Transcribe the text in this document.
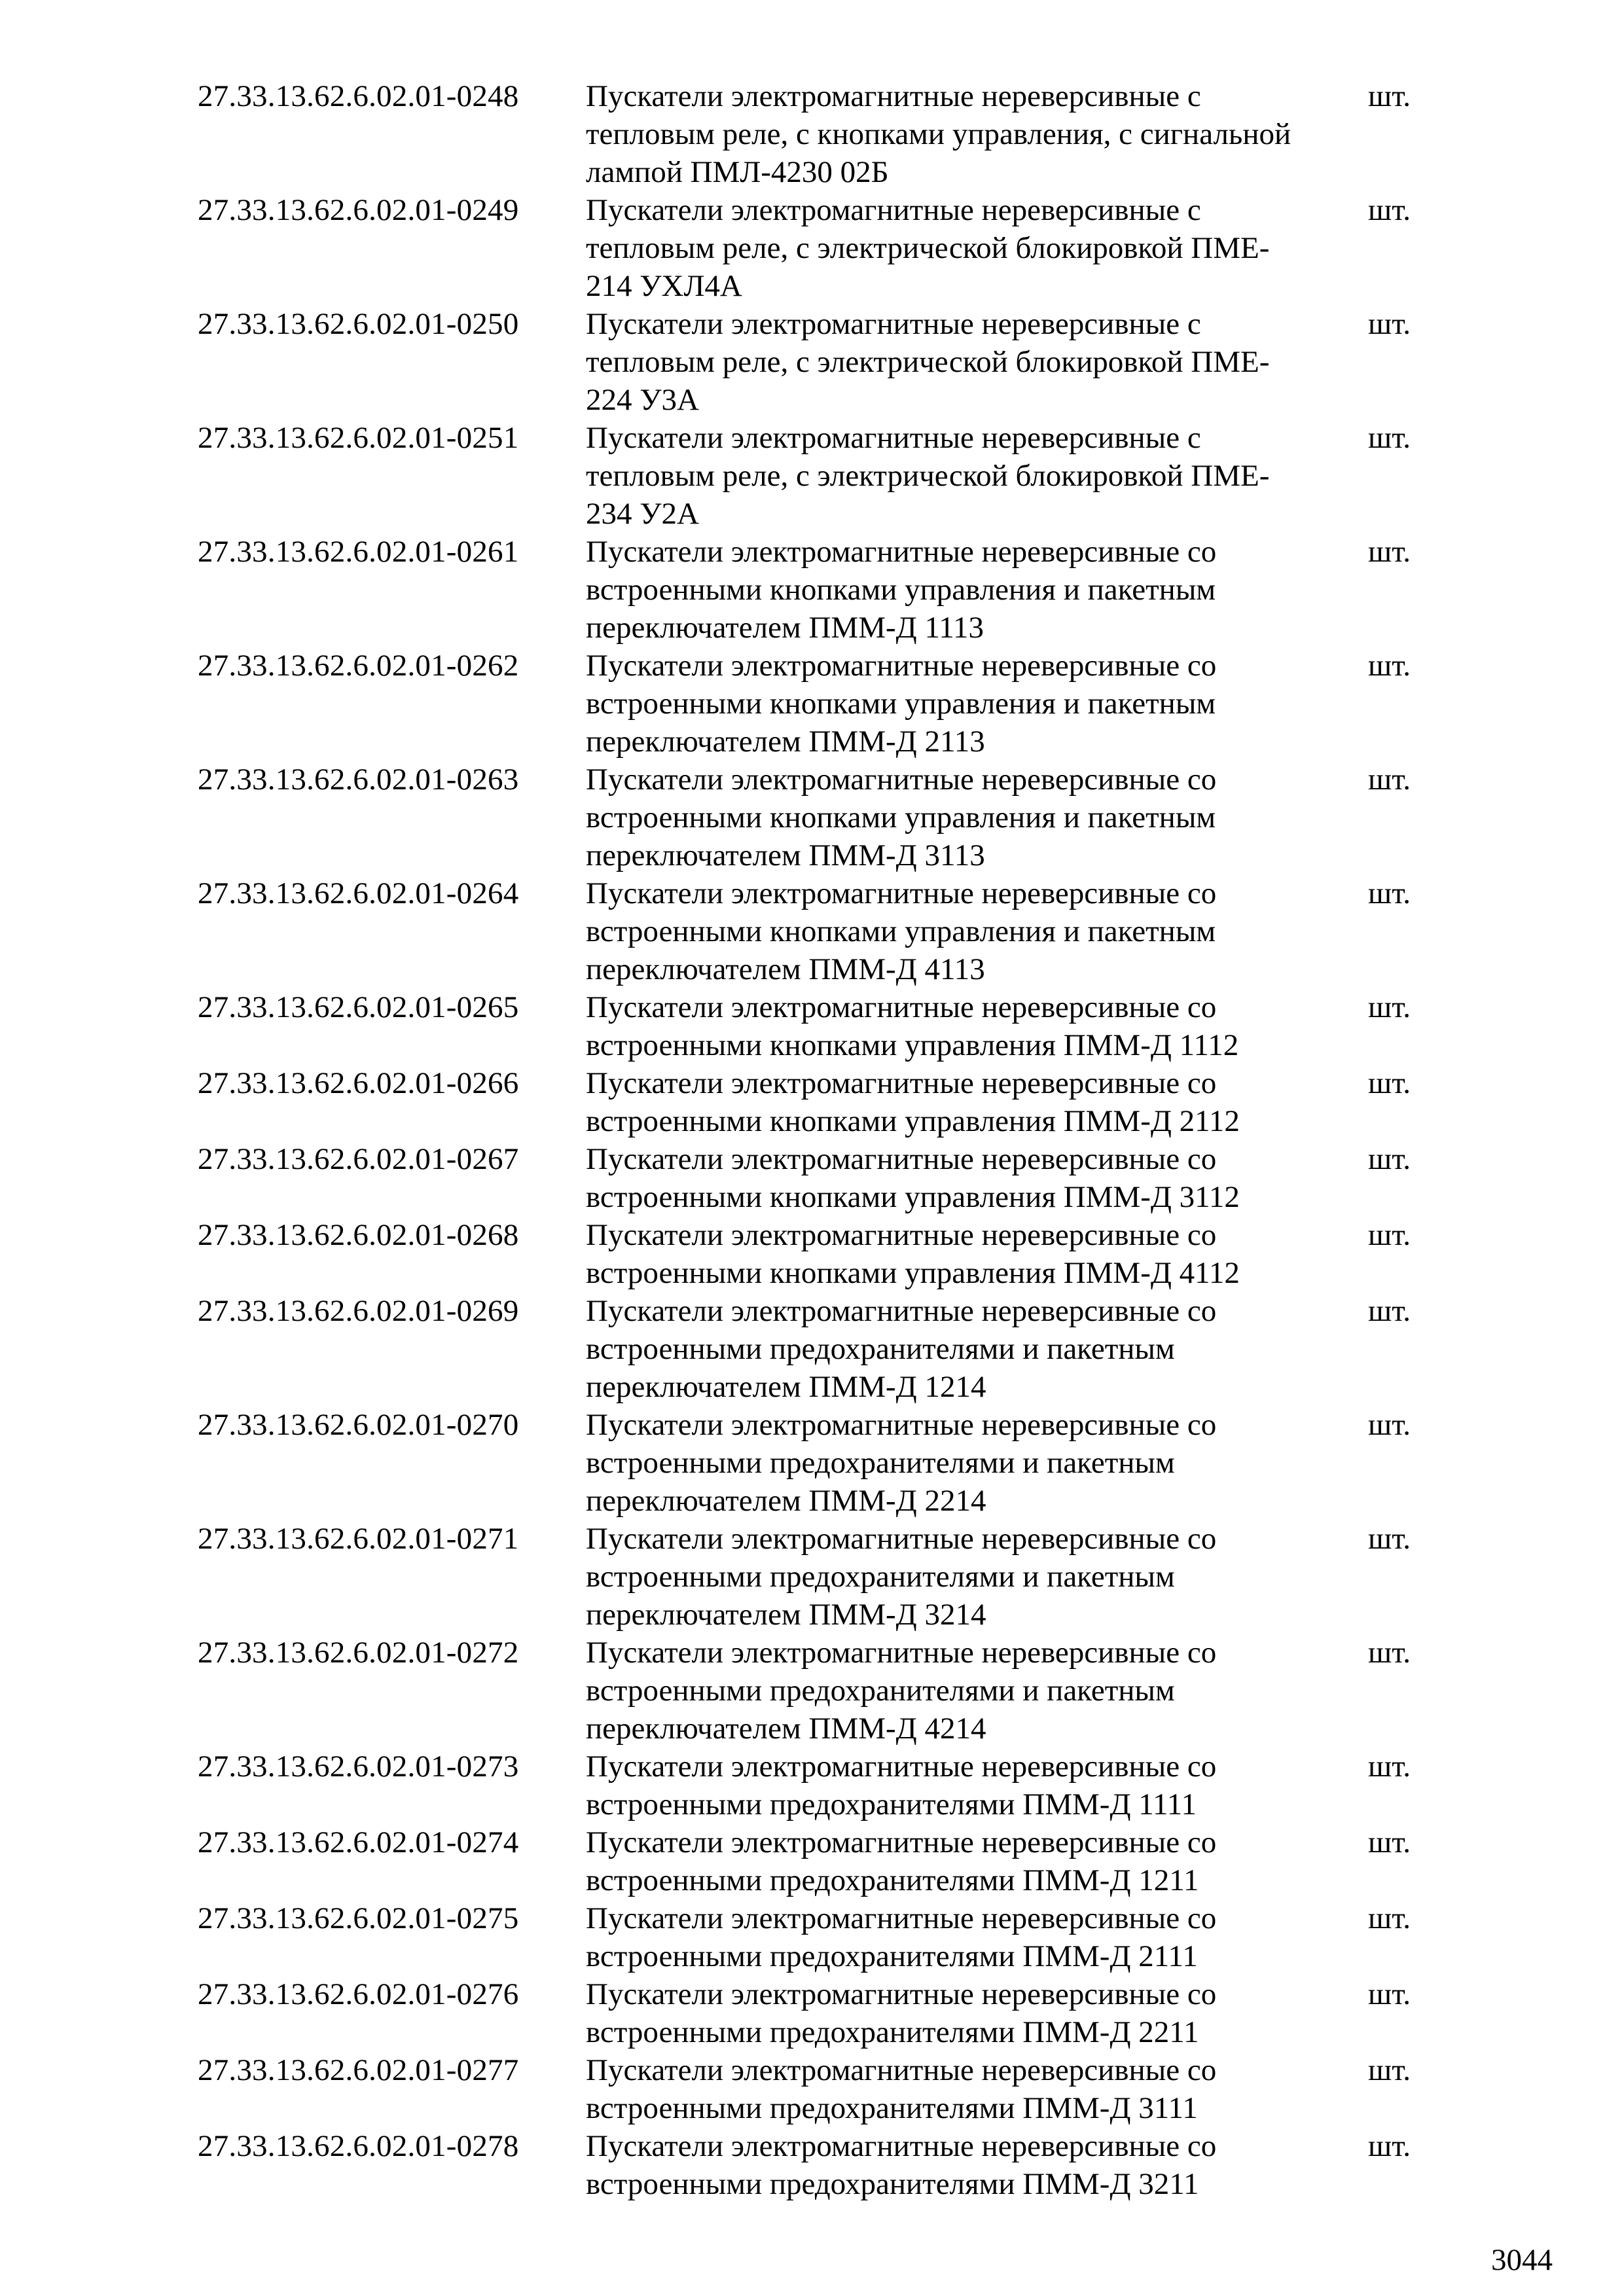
27.33.13.62.6.02.01-0248	Пускатели электромагнитные нереверсивные с
тепловым реле, с кнопками управления, с сигнальной
лампой ПМЛ-4230 02Б
шт.
27.33.13.62.6.02.01-0249	Пускатели электромагнитные нереверсивные с
тепловым реле, с электрической блокировкой ПМЕ-
214 УХЛ4А
шт.
27.33.13.62.6.02.01-0250	Пускатели электромагнитные нереверсивные с
тепловым реле, с электрической блокировкой ПМЕ-
224 У3А
шт.
27.33.13.62.6.02.01-0251	Пускатели электромагнитные нереверсивные с
тепловым реле, с электрической блокировкой ПМЕ-
234 У2А
шт.
27.33.13.62.6.02.01-0261	Пускатели электромагнитные нереверсивные со
встроенными кнопками управления и пакетным
переключателем ПММ-Д 1113
шт.
27.33.13.62.6.02.01-0262	Пускатели электромагнитные нереверсивные со
встроенными кнопками управления и пакетным
переключателем ПММ-Д 2113
шт.
27.33.13.62.6.02.01-0263	Пускатели электромагнитные нереверсивные со
встроенными кнопками управления и пакетным
переключателем ПММ-Д 3113
шт.
27.33.13.62.6.02.01-0264	Пускатели электромагнитные нереверсивные со
встроенными кнопками управления и пакетным
переключателем ПММ-Д 4113
шт.
27.33.13.62.6.02.01-0265	Пускатели электромагнитные нереверсивные со
встроенными кнопками управления ПММ-Д 1112
шт.
27.33.13.62.6.02.01-0266	Пускатели электромагнитные нереверсивные со
встроенными кнопками управления ПММ-Д 2112
шт.
27.33.13.62.6.02.01-0267	Пускатели электромагнитные нереверсивные со
встроенными кнопками управления ПММ-Д 3112
шт.
27.33.13.62.6.02.01-0268	Пускатели электромагнитные нереверсивные со
встроенными кнопками управления ПММ-Д 4112
шт.
27.33.13.62.6.02.01-0269	Пускатели электромагнитные нереверсивные со
встроенными предохранителями и пакетным
переключателем ПММ-Д 1214
шт.
27.33.13.62.6.02.01-0270	Пускатели электромагнитные нереверсивные со
встроенными предохранителями и пакетным
переключателем ПММ-Д 2214
шт.
27.33.13.62.6.02.01-0271	Пускатели электромагнитные нереверсивные со
встроенными предохранителями и пакетным
переключателем ПММ-Д 3214
шт.
27.33.13.62.6.02.01-0272	Пускатели электромагнитные нереверсивные со
встроенными предохранителями и пакетным
переключателем ПММ-Д 4214
шт.
27.33.13.62.6.02.01-0273	Пускатели электромагнитные нереверсивные со
встроенными предохранителями ПММ-Д 1111
шт.
27.33.13.62.6.02.01-0274	Пускатели электромагнитные нереверсивные со
встроенными предохранителями ПММ-Д 1211
шт.
27.33.13.62.6.02.01-0275	Пускатели электромагнитные нереверсивные со
встроенными предохранителями ПММ-Д 2111
шт.
27.33.13.62.6.02.01-0276	Пускатели электромагнитные нереверсивные со
встроенными предохранителями ПММ-Д 2211
шт.
27.33.13.62.6.02.01-0277	Пускатели электромагнитные нереверсивные со
встроенными предохранителями ПММ-Д 3111
шт.
27.33.13.62.6.02.01-0278	Пускатели электромагнитные нереверсивные со
встроенными предохранителями ПММ-Д 3211
шт.
3044
